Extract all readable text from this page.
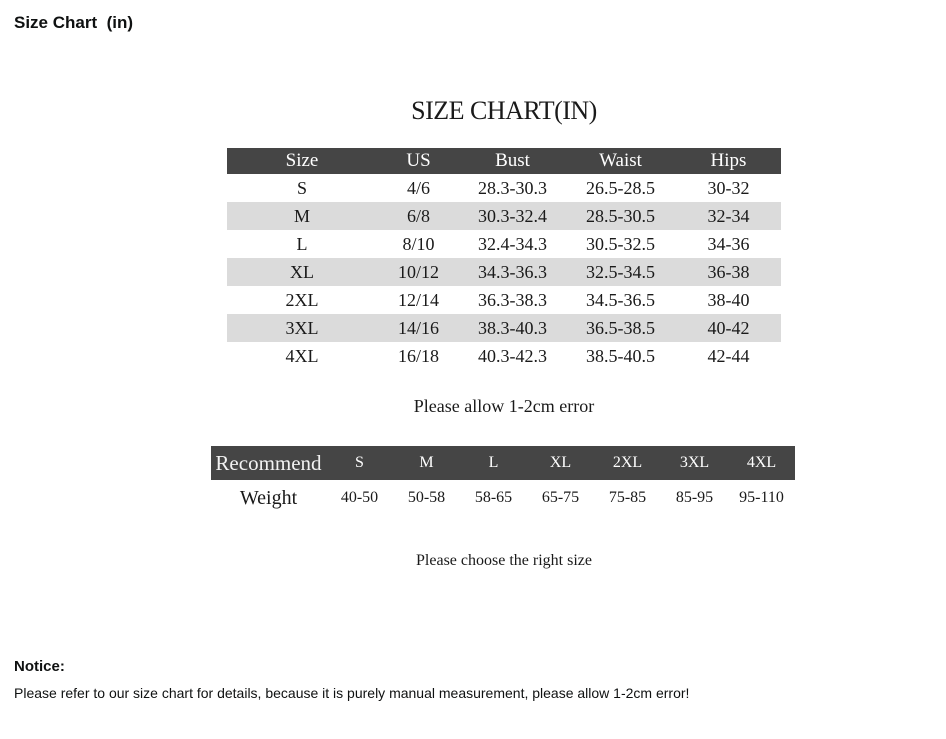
Size Chart  (in)
SIZE CHART(IN)
Size	US	Bust	Waist	Hips
S	4/6	28.3-30.3	26.5-28.5	30-32
M	6/8	30.3-32.4	28.5-30.5	32-34
L	8/10	32.4-34.3	30.5-32.5	34-36
XL	10/12	34.3-36.3	32.5-34.5	36-38
2XL	12/14	36.3-38.3	34.5-36.5	38-40
3XL	14/16	38.3-40.3	36.5-38.5	40-42
4XL	16/18	40.3-42.3	38.5-40.5	42-44
Please allow 1-2cm error
Recommend	S	M	L	XL	2XL	3XL	4XL
Weight	40-50	50-58	58-65	65-75	75-85	85-95	95-110
Please choose the right size
Notice:
Please refer to our size chart for details, because it is purely manual measurement, please allow 1-2cm error!
